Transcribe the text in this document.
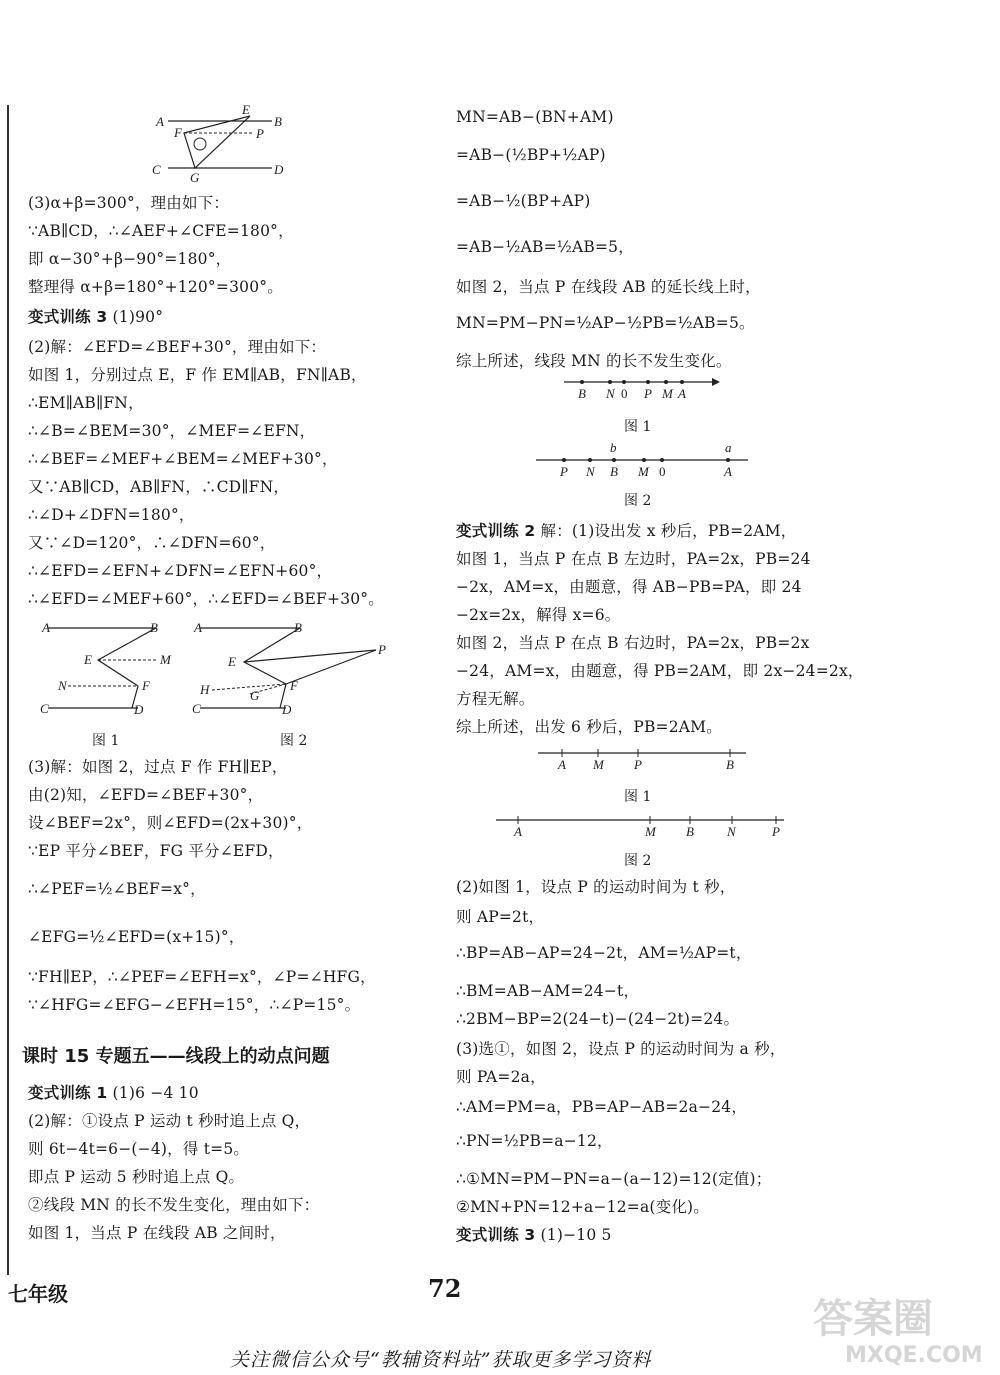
A
E
B
F	P
C
G
D
(3)α+β=300°，理由如下：
∵AB∥CD，∴∠AEF+∠CFE=180°，
即 α−30°+β−90°=180°，
整理得 α+β=180°+120°=300°。
变式训练 3 (1)90°
(2)解：∠EFD=∠BEF+30°，理由如下：
如图 1，分别过点 E，F 作 EM∥AB，FN∥AB，
∴EM∥AB∥FN，
∴∠B=∠BEM=30°，∠MEF=∠EFN，
∴∠BEF=∠MEF+∠BEM=∠MEF+30°，
又∵AB∥CD，AB∥FN，∴CD∥FN，
∴∠D+∠DFN=180°，
又∵∠D=120°，∴∠DFN=60°，
∴∠EFD=∠EFN+∠DFN=∠EFN+60°，
∴∠EFD=∠MEF+60°，∴∠EFD=∠BEF+30°。
(3)解：如图 2，过点 F 作 FH∥EP，
由(2)知，∠EFD=∠BEF+30°，
设∠BEF=2x°，则∠EFD=(2x+30)°，
∵EP 平分∠BEF，FG 平分∠EFD，
∴∠PEF=½∠BEF=x°，
∠EFG=½∠EFD=(x+15)°，
∵FH∥EP，∴∠PEF=∠EFH=x°，∠P=∠HFG，
∵∠HFG=∠EFG−∠EFH=15°，∴∠P=15°。
变式训练 1 (1)6 −4 10
(2)解：①设点 P 运动 t 秒时追上点 Q，
则 6t−4t=6−(−4)，得 t=5。
即点 P 运动 5 秒时追上点 Q。
②线段 MN 的长不发生变化，理由如下：
如图 1，当点 P 在线段 AB 之间时，
A	B
E	M
N	F
C	D
图 1
A	B
E
P
H	G
F
C	D
图 2
课时 15 专题五——线段上的动点问题
MN=AB−(BN+AM)
=AB−(½BP+½AP)
=AB−½(BP+AP)
=AB−½AB=½AB=5，
如图 2，当点 P 在线段 AB 的延长线上时，
MN=PM−PN=½AP−½PB=½AB=5。
综上所述，线段 MN 的长不发生变化。
变式训练 2 解：(1)设出发 x 秒后，PB=2AM，
如图 1，当点 P 在点 B 左边时，PA=2x，PB=24
−2x，AM=x，由题意，得 AB−PB=PA，即 24
−2x=2x，解得 x=6。
如图 2，当点 P 在点 B 右边时，PA=2x，PB=2x
−24，AM=x，由题意，得 PB=2AM，即 2x−24=2x，
方程无解。
综上所述，出发 6 秒后，PB=2AM。
(2)如图 1，设点 P 的运动时间为 t 秒，
则 AP=2t，
∴BP=AB−AP=24−2t，AM=½AP=t，
∴BM=AB−AM=24−t，
∴2BM−BP=2(24−t)−(24−2t)=24。
(3)选①，如图 2，设点 P 的运动时间为 a 秒，
则 PA=2a，
∴AM=PM=a，PB=AP−AB=2a−24，
∴PN=½PB=a−12，
∴①MN=PM−PN=a−(a−12)=12(定值)；
②MN+PN=12+a−12=a(变化)。
变式训练 3 (1)−10 5
B N 0 P M A
图 1
b	a
P N B M 0	A
图 2
A M P	B
图 1
A	M B	N	P
图 2
七年级	72
关注微信公众号“教辅资料站”获取更多学习资料
答案圈
MXQE.COM
